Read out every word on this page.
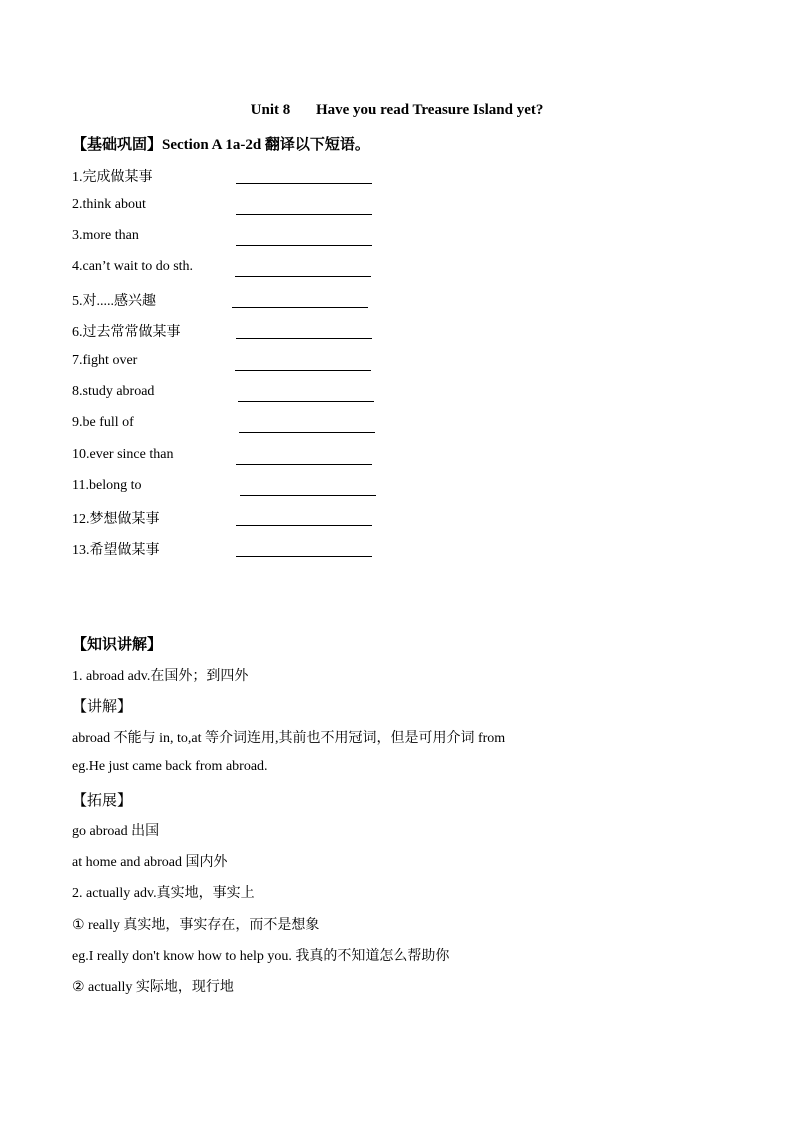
Unit 8 Have you read Treasure Island yet?
【基础巩固】Section A 1a-2d 翻译以下短语。
1.完成做某事
2.think about
3.more than
4.can’t wait to do sth.
5.对.....感兴趣
6.过去常常做某事
7.fight over
8.study abroad
9.be full of
10.ever since than
11.belong to
12.梦想做某事
13.希望做某事
【知识讲解】
1. abroad adv.在国外；到四外
【讲解】
abroad 不能与 in, to,at 等介词连用,其前也不用冠词，但是可用介词 from
eg.He just came back from abroad.
【拓展】
go abroad 出国
at home and abroad 国内外
2. actually adv.真实地，事实上
① really 真实地，事实存在，而不是想象
eg.I really don't know how to help you. 我真的不知道怎么帮助你
② actually 实际地，现行地
